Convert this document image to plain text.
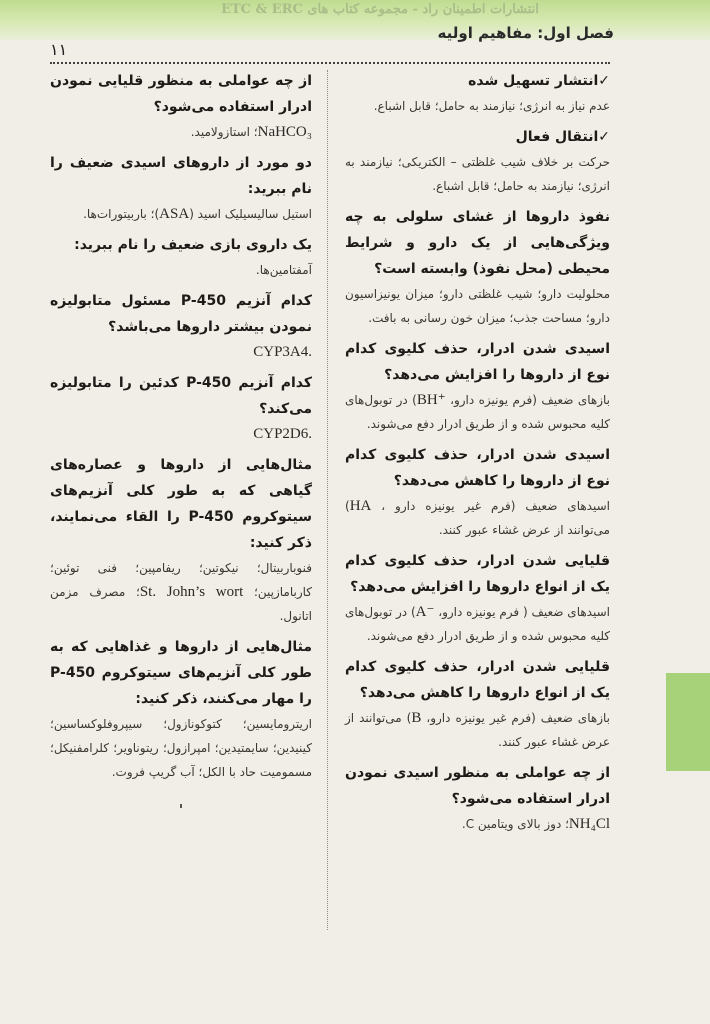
انتشارات اطمینان راد - مجموعه کتاب های ETC & ERC
فصل اول: مفاهیم اولیه
۱۱
✓انتشار تسهیل شده
عدم نیاز به انرژی؛ نیازمند به حامل؛ قابل اشباع.
✓انتقال فعال
حرکت بر خلاف شیب غلظتی – الکتریکی؛ نیازمند به انرژی؛ نیازمند به حامل؛ قابل اشباع.
نفوذ داروها از غشای سلولی به چه ویژگی‌هایی از یک دارو و شرایط محیطی (محل نفوذ) وابسته است؟
محلولیت دارو؛ شیب غلظتی دارو؛ میزان یونیزاسیون دارو؛ مساحت جذب؛ میزان خون رسانی به بافت.
اسیدی شدن ادرار، حذف کلیوی کدام نوع از داروها را افزایش می‌دهد؟
بازهای ضعیف (فرم یونیزه دارو، BH⁺) در توبول‌های کلیه محبوس شده و از طریق ادرار دفع می‌شوند.
اسیدی شدن ادرار، حذف کلیوی کدام نوع از داروها را کاهش می‌دهد؟
اسیدهای ضعیف (فرم غیر یونیزه دارو ، HA) می‌توانند از عرض غشاء عبور کنند.
قلیایی شدن ادرار، حذف کلیوی کدام یک از انواع داروها را افزایش می‌دهد؟
اسیدهای ضعیف ( فرم یونیزه دارو، A⁻) در توبول‌های کلیه محبوس شده و از طریق ادرار دفع می‌شوند.
قلیایی شدن ادرار، حذف کلیوی کدام یک از انواع داروها را کاهش می‌دهد؟
بازهای ضعیف (فرم غیر یونیزه دارو، B) می‌توانند از عرض غشاء عبور کنند.
از چه عواملی به منظور اسیدی نمودن ادرار استفاده می‌شود؟
NH₄Cl؛ دوز بالای ویتامین C.
از چه عواملی به منظور قلیایی نمودن ادرار استفاده می‌شود؟
NaHCO₃؛ استازولامید.
دو مورد از داروهای اسیدی ضعیف را نام ببرید:
استیل سالیسیلیک اسید (ASA)؛ باربیتورات‌ها.
یک داروی بازی ضعیف را نام ببرید:
آمفتامین‌ها.
کدام آنزیم P-450 مسئول متابولیزه نمودن بیشتر داروها می‌باشد؟
CYP3A4.
کدام آنزیم P-450 کدئین را متابولیزه می‌کند؟
CYP2D6.
مثال‌هایی از داروها و عصاره‌های گیاهی که به طور کلی آنزیم‌های سیتوکروم P-450 را القاء می‌نمایند، ذکر کنید:
فنوباربیتال؛ نیکوتین؛ ریفامپین؛ فنی توئین؛ کاربامازپین؛ St. John’s wort؛ مصرف مزمن اتانول.
مثال‌هایی از داروها و غذاهایی که به طور کلی آنزیم‌های سیتوکروم P-450 را مهار می‌کنند، ذکر کنید:
اریترومایسین؛ کتوکونازول؛ سیپروفلوکساسین؛ کینیدین؛ سایمتیدین؛ امپرازول؛ ریتوناویر؛ کلرامفنیکل؛ مسمومیت حاد با الکل؛ آب گریپ فروت.
